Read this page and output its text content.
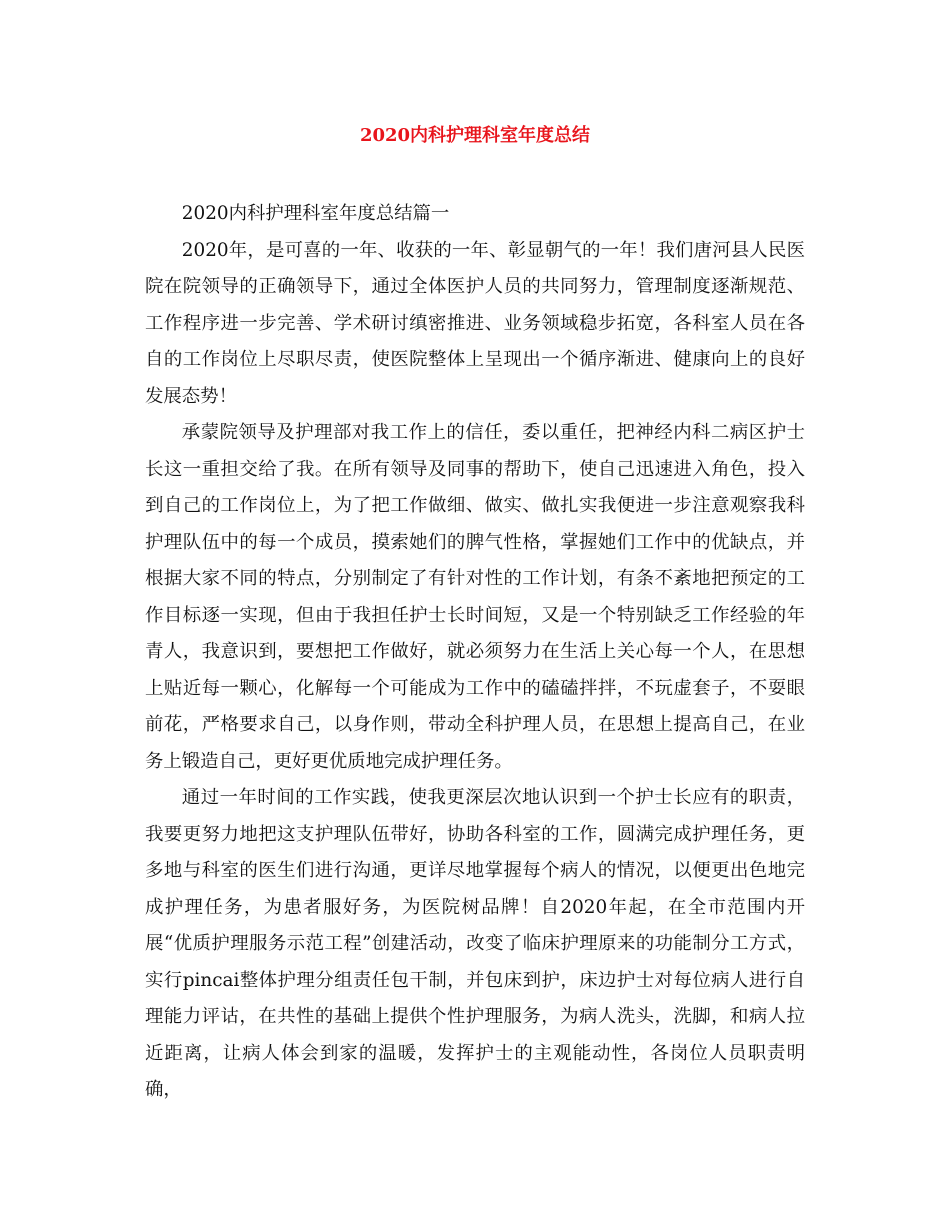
2020内科护理科室年度总结

2020内科护理科室年度总结篇一

2020年，是可喜的一年、收获的一年、彰显朝气的一年！我们唐河县人民医院在院领导的正确领导下，通过全体医护人员的共同努力，管理制度逐渐规范、工作程序进一步完善、学术研讨缜密推进、业务领域稳步拓宽，各科室人员在各自的工作岗位上尽职尽责，使医院整体上呈现出一个循序渐进、健康向上的良好发展态势！

承蒙院领导及护理部对我工作上的信任，委以重任，把神经内科二病区护士长这一重担交给了我。在所有领导及同事的帮助下，使自己迅速进入角色，投入到自己的工作岗位上，为了把工作做细、做实、做扎实我便进一步注意观察我科护理队伍中的每一个成员，摸索她们的脾气性格，掌握她们工作中的优缺点，并根据大家不同的特点，分别制定了有针对性的工作计划，有条不紊地把预定的工作目标逐一实现，但由于我担任护士长时间短，又是一个特别缺乏工作经验的年青人，我意识到，要想把工作做好，就必须努力在生活上关心每一个人，在思想上贴近每一颗心，化解每一个可能成为工作中的磕磕拌拌，不玩虚套子，不耍眼前花，严格要求自己，以身作则，带动全科护理人员，在思想上提高自己，在业务上锻造自己，更好更优质地完成护理任务。

通过一年时间的工作实践，使我更深层次地认识到一个护士长应有的职责，我要更努力地把这支护理队伍带好，协助各科室的工作，圆满完成护理任务，更多地与科室的医生们进行沟通，更详尽地掌握每个病人的情况，以便更出色地完成护理任务，为患者服好务，为医院树品牌！自2020年起，在全市范围内开展“优质护理服务示范工程”创建活动，改变了临床护理原来的功能制分工方式，实行pincai整体护理分组责任包干制，并包床到护，床边护士对每位病人进行自理能力评诂，在共性的基础上提供个性护理服务，为病人洗头，洗脚，和病人拉近距离，让病人体会到家的温暖，发挥护士的主观能动性，各岗位人员职责明确，
